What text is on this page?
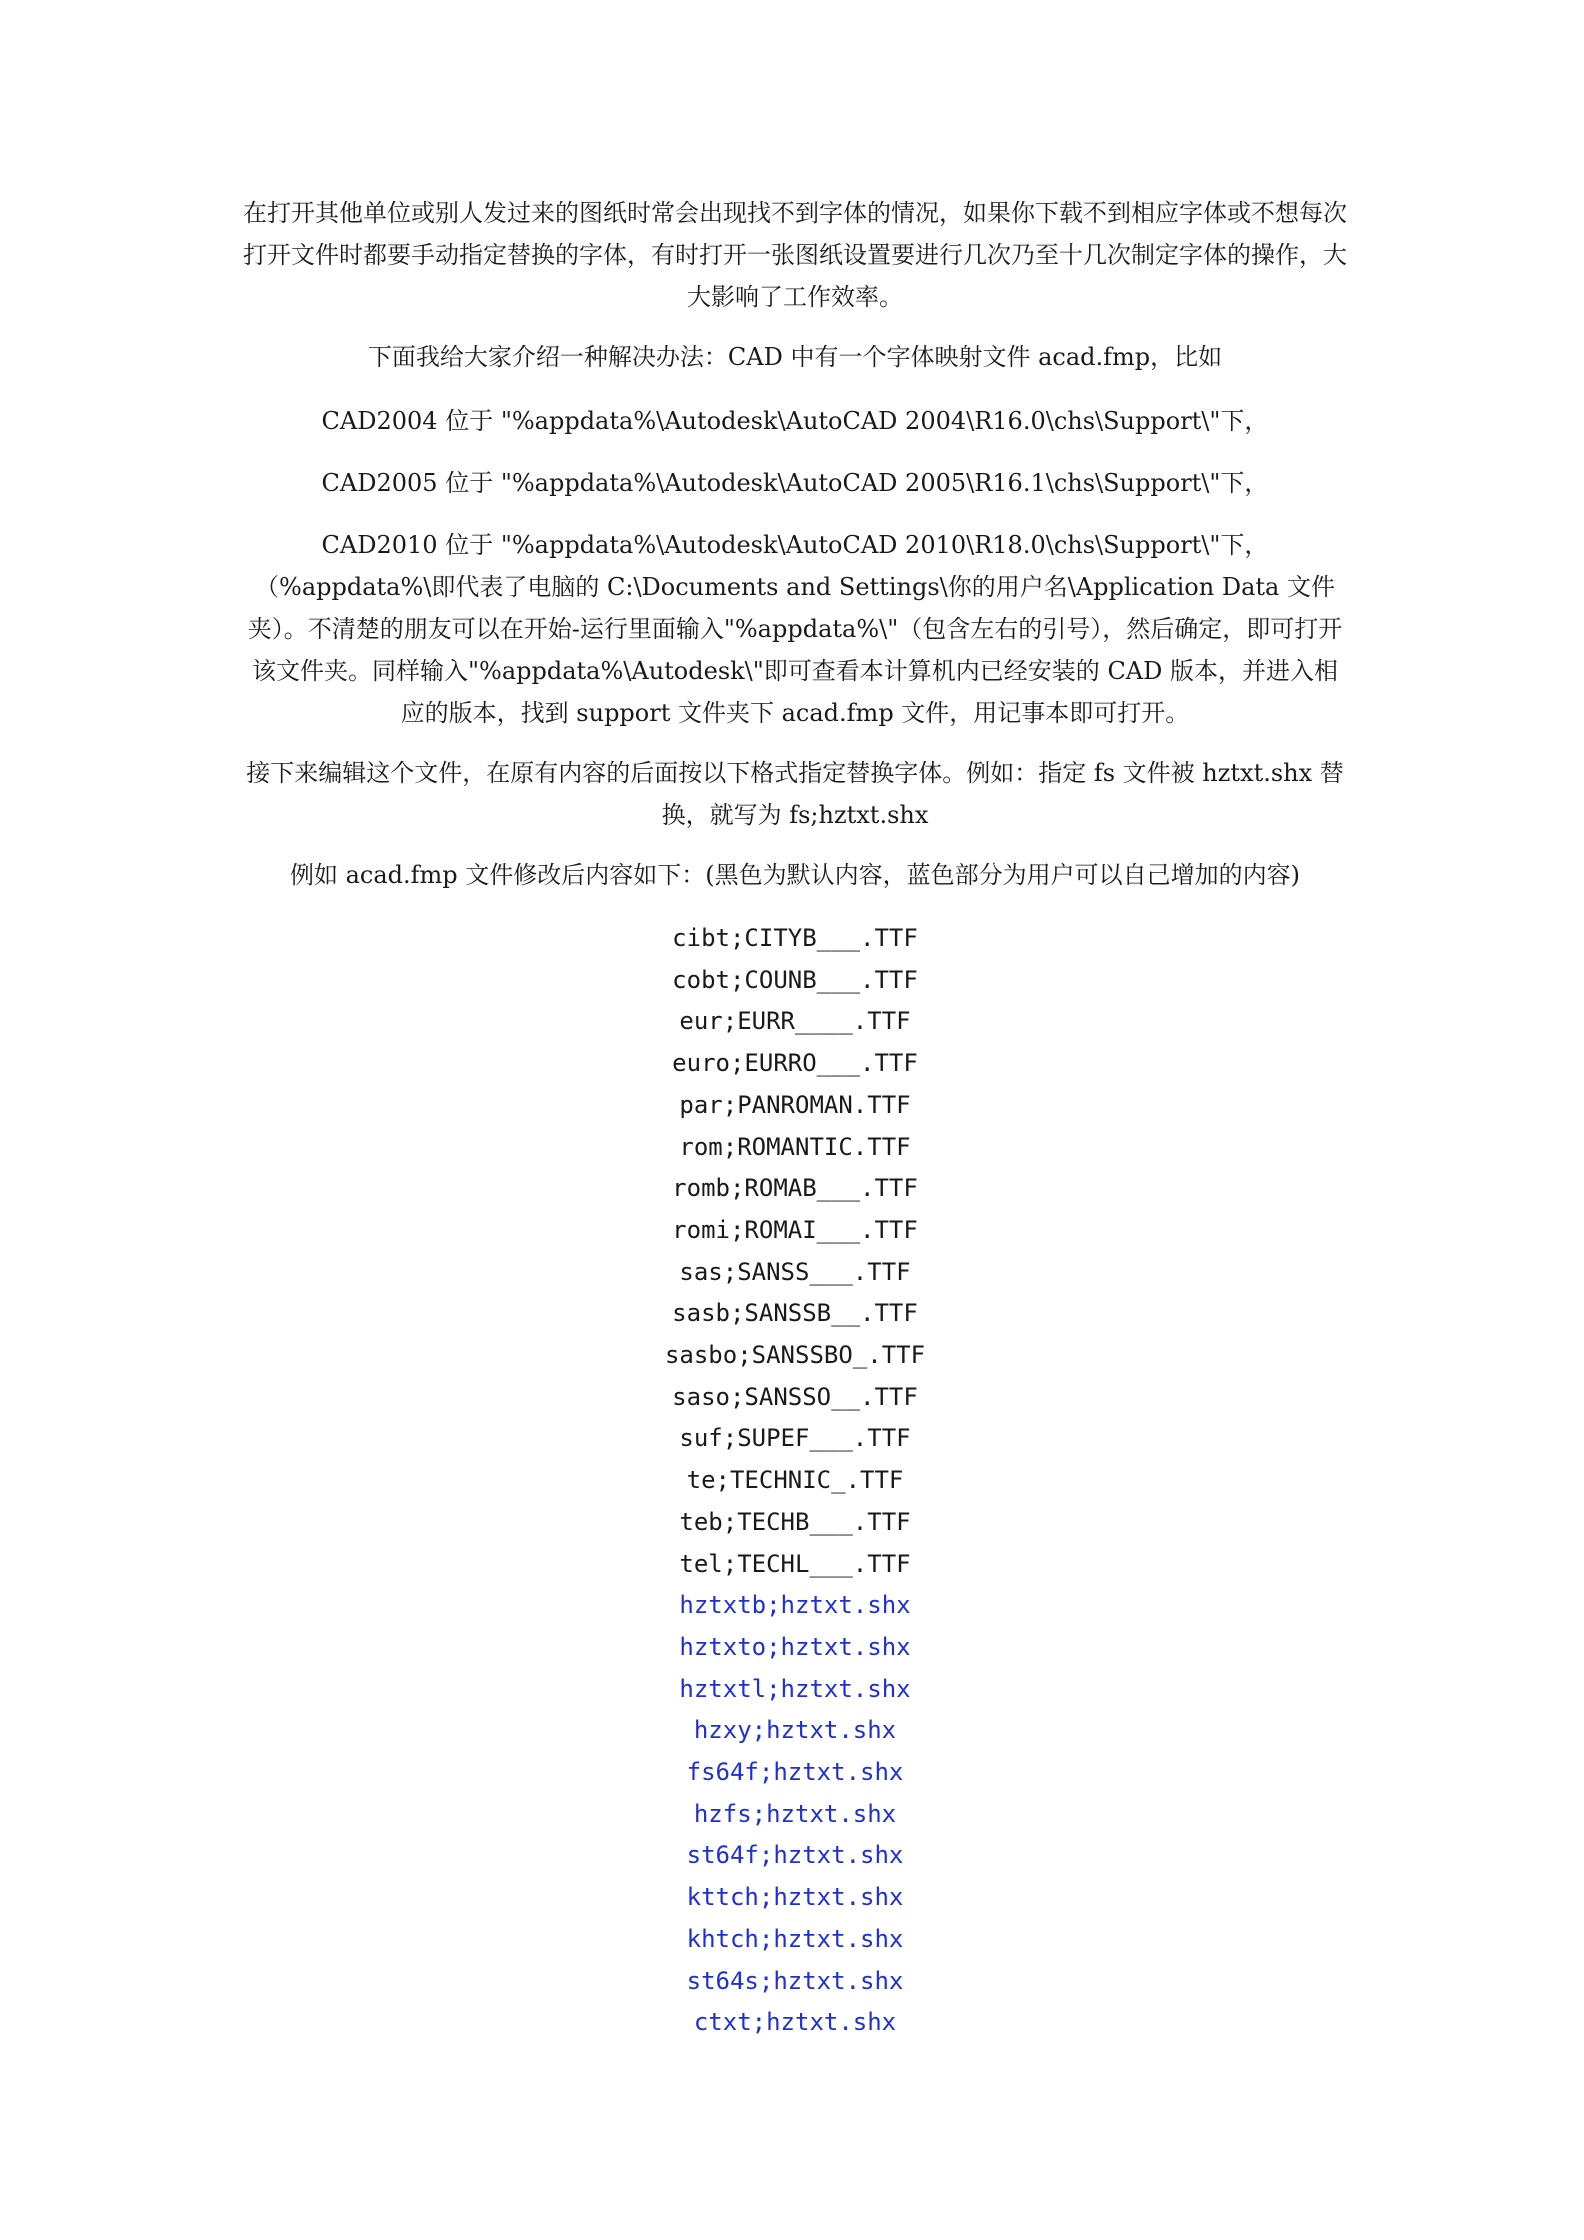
在打开其他单位或别人发过来的图纸时常会出现找不到字体的情况，如果你下载不到相应字体或不想每次打开文件时都要手动指定替换的字体，有时打开一张图纸设置要进行几次乃至十几次制定字体的操作，大大影响了工作效率。

下面我给大家介绍一种解决办法：CAD 中有一个字体映射文件 acad.fmp，比如

CAD2004 位于 "%appdata%\Autodesk\AutoCAD 2004\R16.0\chs\Support\"下，

CAD2005 位于 "%appdata%\Autodesk\AutoCAD 2005\R16.1\chs\Support\"下，

CAD2010 位于 "%appdata%\Autodesk\AutoCAD 2010\R18.0\chs\Support\"下，（%appdata%\即代表了电脑的 C:\Documents and Settings\你的用户名\Application Data 文件夹）。不清楚的朋友可以在开始-运行里面输入"%appdata%\"（包含左右的引号），然后确定，即可打开该文件夹。同样输入"%appdata%\Autodesk\"即可查看本计算机内已经安装的 CAD 版本，并进入相应的版本，找到 support 文件夹下 acad.fmp 文件，用记事本即可打开。

接下来编辑这个文件，在原有内容的后面按以下格式指定替换字体。例如：指定 fs 文件被 hztxt.shx 替换，就写为 fs;hztxt.shx

例如 acad.fmp 文件修改后内容如下：(黑色为默认内容，蓝色部分为用户可以自己增加的内容)

cibt;CITYB___.TTF
cobt;COUNB___.TTF
eur;EURR____.TTF
euro;EURRO___.TTF
par;PANROMAN.TTF
rom;ROMANTIC.TTF
romb;ROMAB___.TTF
romi;ROMAI___.TTF
sas;SANSS___.TTF
sasb;SANSSB__.TTF
sasbo;SANSSBO_.TTF
saso;SANSSO__.TTF
suf;SUPEF___.TTF
te;TECHNIC_.TTF
teb;TECHB___.TTF
tel;TECHL___.TTF
hztxtb;hztxt.shx
hztxto;hztxt.shx
hztxtl;hztxt.shx
hzxy;hztxt.shx
fs64f;hztxt.shx
hzfs;hztxt.shx
st64f;hztxt.shx
kttch;hztxt.shx
khtch;hztxt.shx
st64s;hztxt.shx
ctxt;hztxt.shx
